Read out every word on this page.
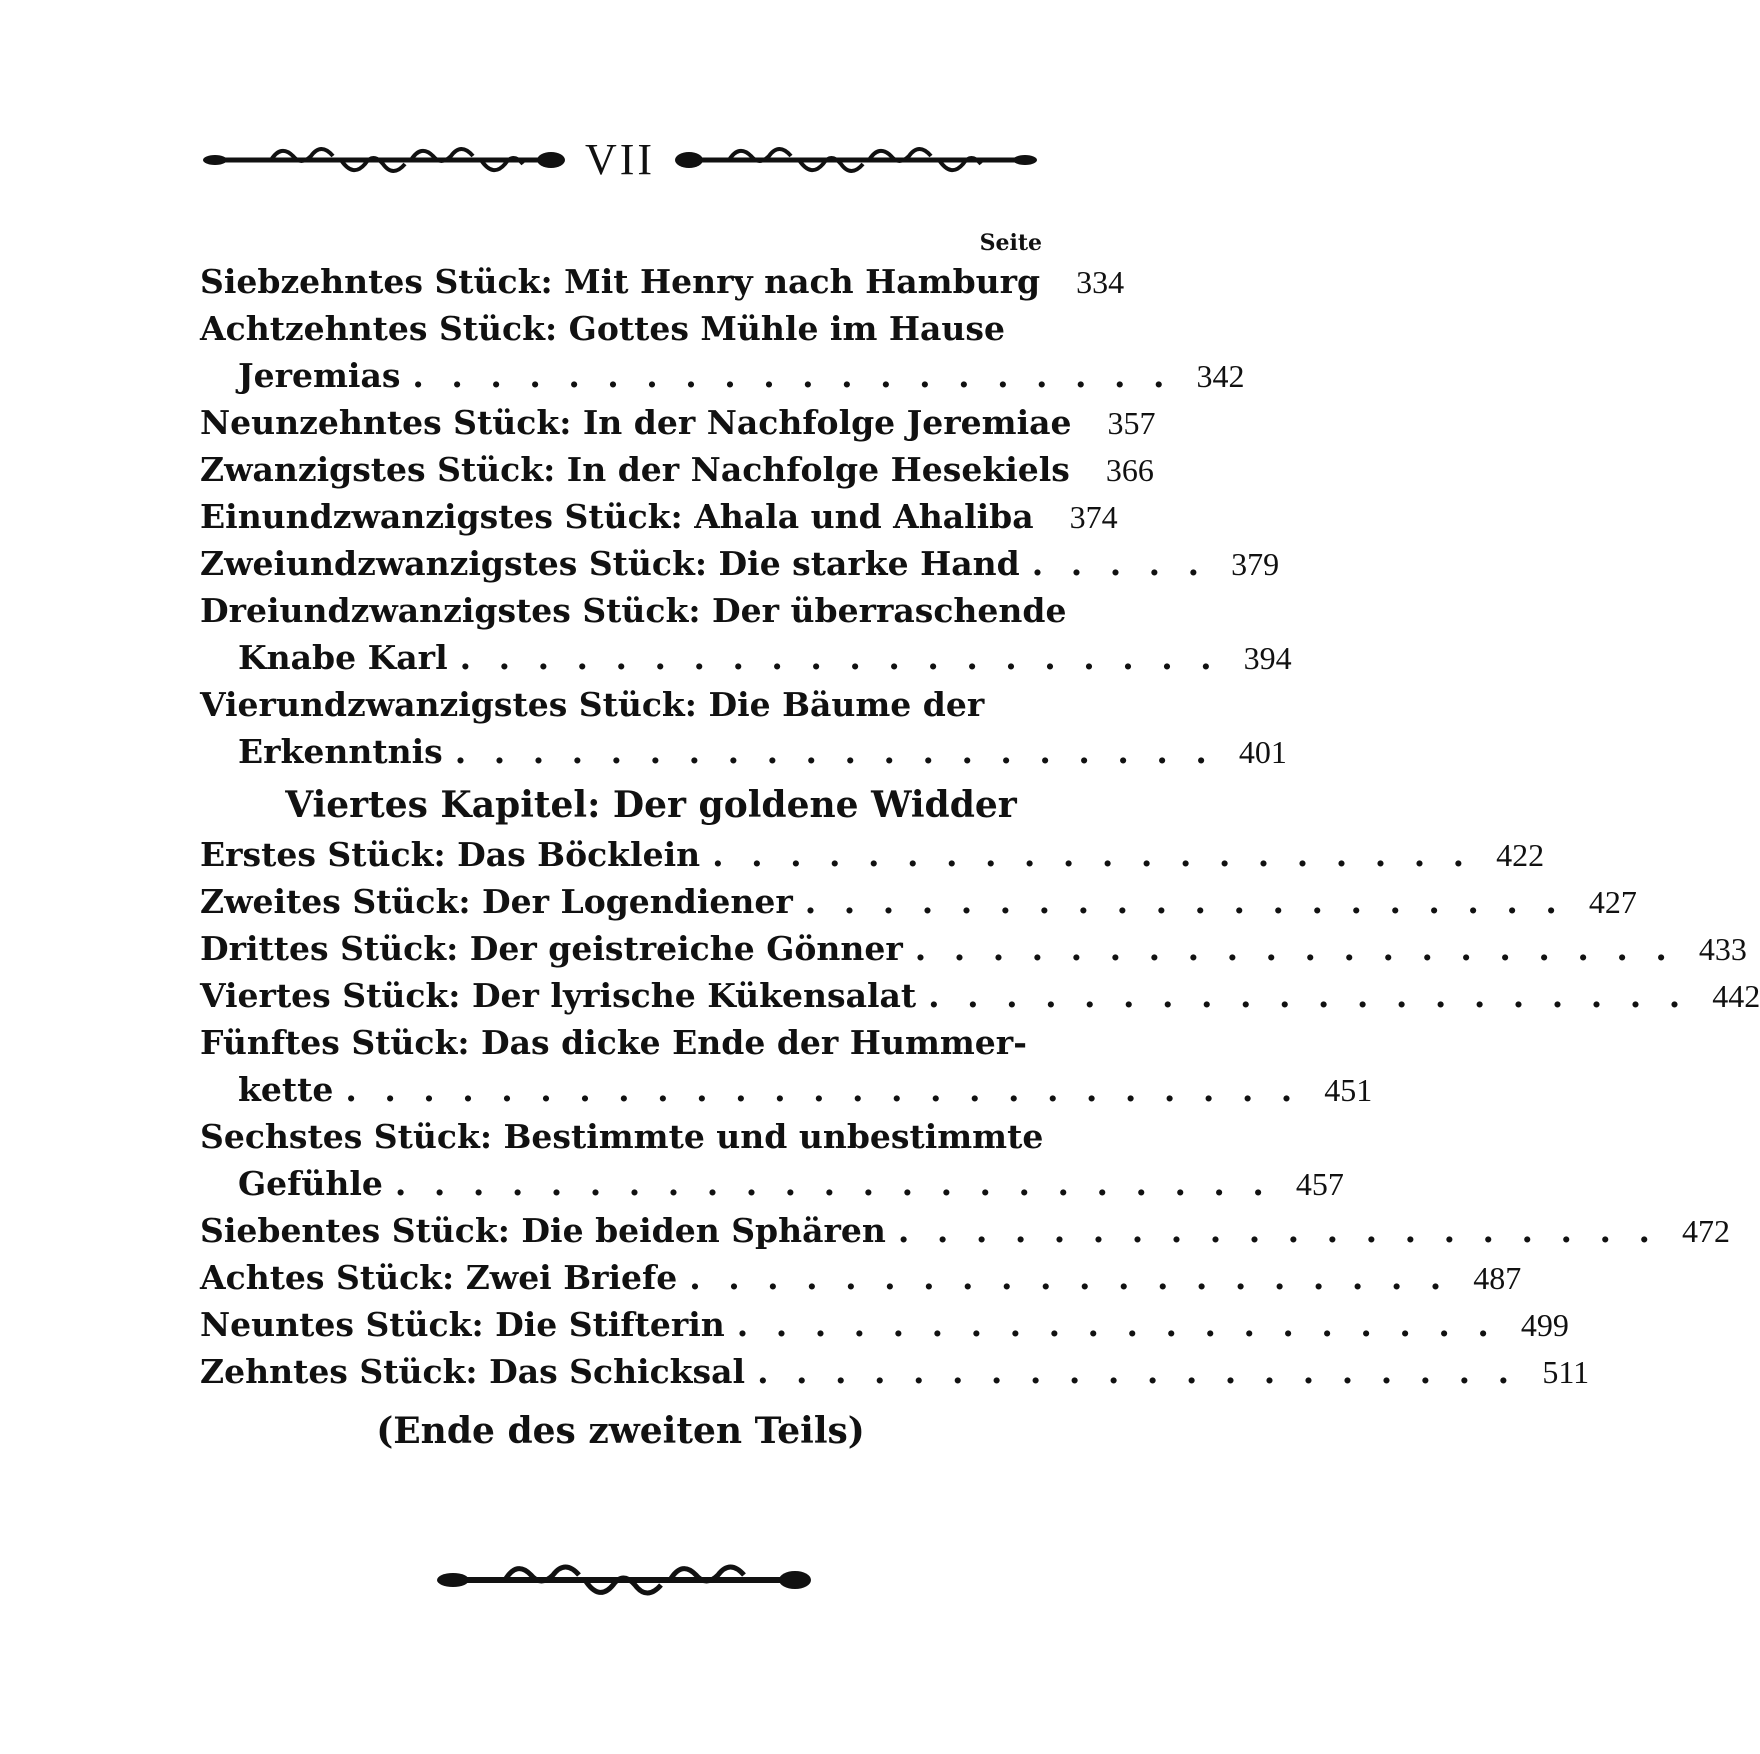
VII
Seite
Siebzehntes Stück: Mit Henry nach Hamburg	334
Achtzehntes Stück: Gottes Mühle im Hause
Jeremias . . . . . . . . . . . . . . . . . . . . 342
Neunzehntes Stück: In der Nachfolge Jeremiae	357
Zwanzigstes Stück: In der Nachfolge Hesekiels	366
Einundzwanzigstes Stück: Ahala und Ahaliba	374
Zweiundzwanzigstes Stück: Die starke Hand . . . . . 379
Dreiundzwanzigstes Stück: Der überraschende
Knabe Karl . . . . . . . . . . . . . . . . . . . . 394
Vierundzwanzigstes Stück: Die Bäume der
Erkenntnis . . . . . . . . . . . . . . . . . . . . 401
Viertes Kapitel: Der goldene Widder
Erstes Stück: Das Böcklein . . . . . . . . . . . . . . . . . . . . 422
Zweites Stück: Der Logendiener . . . . . . . . . . . . . . . . . . . . 427
Drittes Stück: Der geistreiche Gönner . . . . . . . . . . . . . . . . . . . . 433
Viertes Stück: Der lyrische Kükensalat . . . . . . . . . . . . . . . . . . . . 442
Fünftes Stück: Das dicke Ende der Hummer-
kette . . . . . . . . . . . . . . . . . . . . . . . . . 451
Sechstes Stück: Bestimmte und unbestimmte
Gefühle . . . . . . . . . . . . . . . . . . . . . . . 457
Siebentes Stück: Die beiden Sphären . . . . . . . . . . . . . . . . . . . . 472
Achtes Stück: Zwei Briefe . . . . . . . . . . . . . . . . . . . . 487
Neuntes Stück: Die Stifterin . . . . . . . . . . . . . . . . . . . . 499
Zehntes Stück: Das Schicksal . . . . . . . . . . . . . . . . . . . . 511
(Ende des zweiten Teils)
